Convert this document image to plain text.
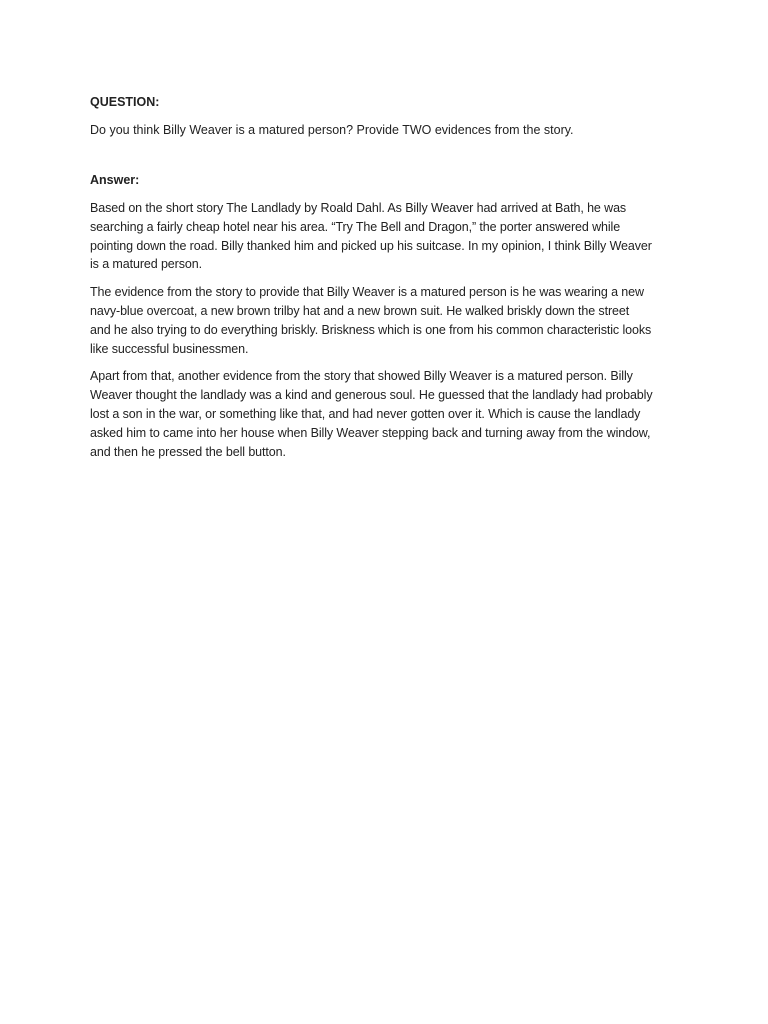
QUESTION:

Do you think Billy Weaver is a matured person? Provide TWO evidences from the story.

Answer:

Based on the short story The Landlady by Roald Dahl. As Billy Weaver had arrived at Bath, he was
searching a fairly cheap hotel near his area. “Try The Bell and Dragon,” the porter answered while
pointing down the road. Billy thanked him and picked up his suitcase. In my opinion, I think Billy Weaver
is a matured person.
The evidence from the story to provide that Billy Weaver is a matured person is he was wearing a new
navy-blue overcoat, a new brown trilby hat and a new brown suit. He walked briskly down the street
and he also trying to do everything briskly. Briskness which is one from his common characteristic looks
like successful businessmen.
Apart from that, another evidence from the story that showed Billy Weaver is a matured person. Billy
Weaver thought the landlady was a kind and generous soul. He guessed that the landlady had probably
lost a son in the war, or something like that, and had never gotten over it. Which is cause the landlady
asked him to came into her house when Billy Weaver stepping back and turning away from the window,
and then he pressed the bell button.
